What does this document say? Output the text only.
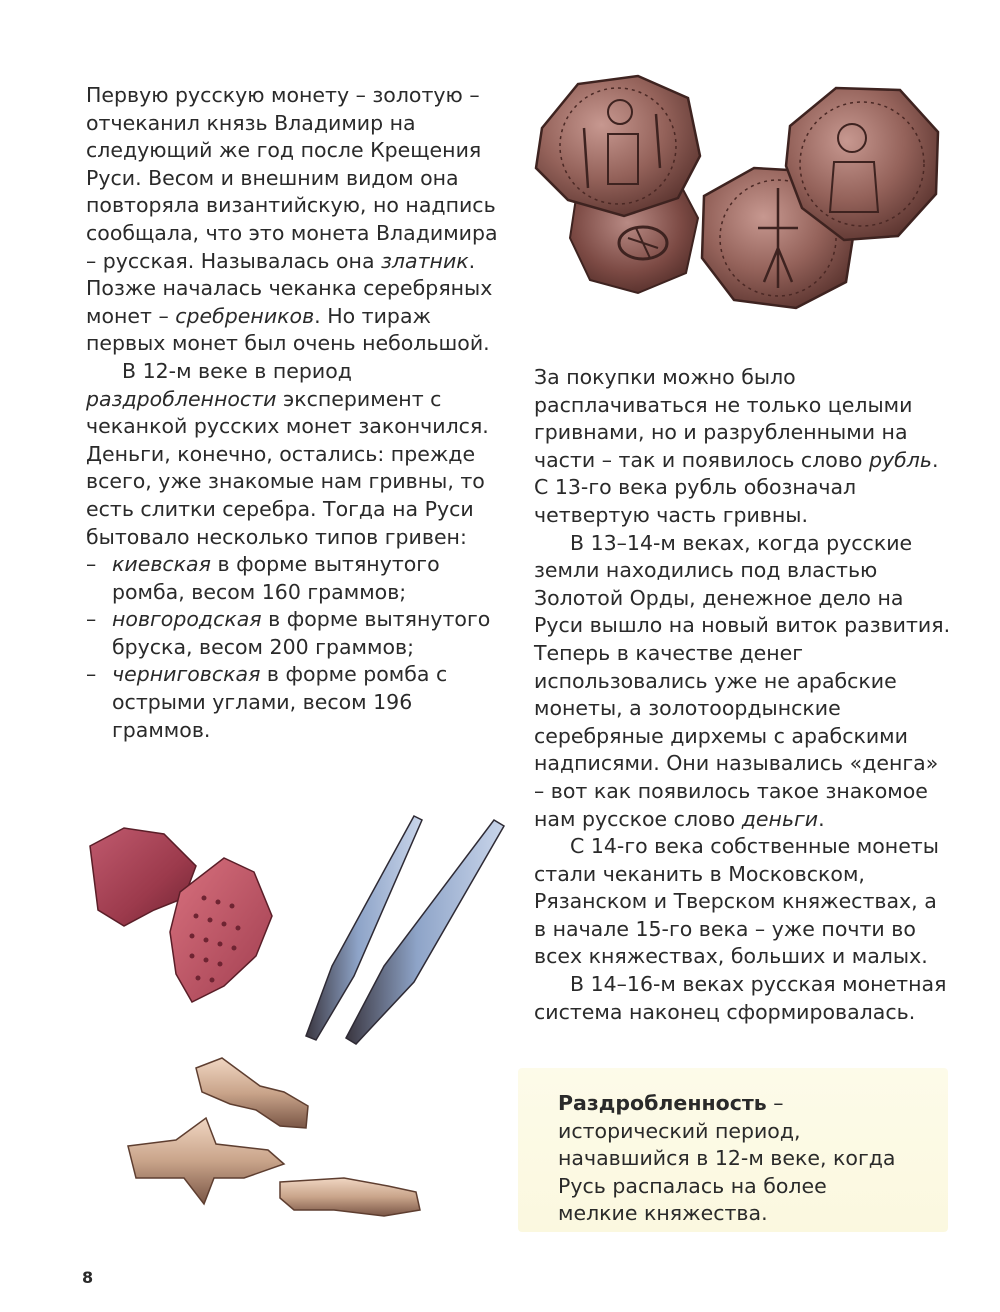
Первую русскую монету – золотую – отчеканил князь Владимир на следующий же год после Крещения Руси. Весом и внешним видом она повторяла византийскую, но надпись сообщала, что это монета Владимира – русская. Называлась она златник. Позже началась чеканка серебряных монет – сребреников. Но тираж первых монет был очень небольшой.

В 12-м веке в период раздробленности эксперимент с чеканкой русских монет закончился. Деньги, конечно, остались: прежде всего, уже знакомые нам гривны, то есть слитки серебра. Тогда на Руси бытовало несколько типов гривен:

– киевская в форме вытянутого ромба, весом 160 граммов;
– новгородская в форме вытянутого бруска, весом 200 граммов;
– черниговская в форме ромба с острыми углами, весом 196 граммов.

За покупки можно было расплачиваться не только целыми гривнами, но и разрубленными на части – так и появилось слово рубль. С 13-го века рубль обозначал четвертую часть гривны.

В 13–14-м веках, когда русские земли находились под властью Золотой Орды, денежное дело на Руси вышло на новый виток развития. Теперь в качестве денег использовались уже не арабские монеты, а золотоордынские серебряные дирхемы с арабскими надписями. Они назывались «денга» – вот как появилось такое знакомое нам русское слово деньги.

С 14-го века собственные монеты стали чеканить в Московском, Рязанском и Тверском княжествах, а в начале 15-го века – уже почти во всех княжествах, больших и малых.

В 14–16-м веках русская монетная система наконец сформировалась.

Раздробленность – исторический период, начавшийся в 12-м веке, когда Русь распалась на более мелкие княжества.

8
